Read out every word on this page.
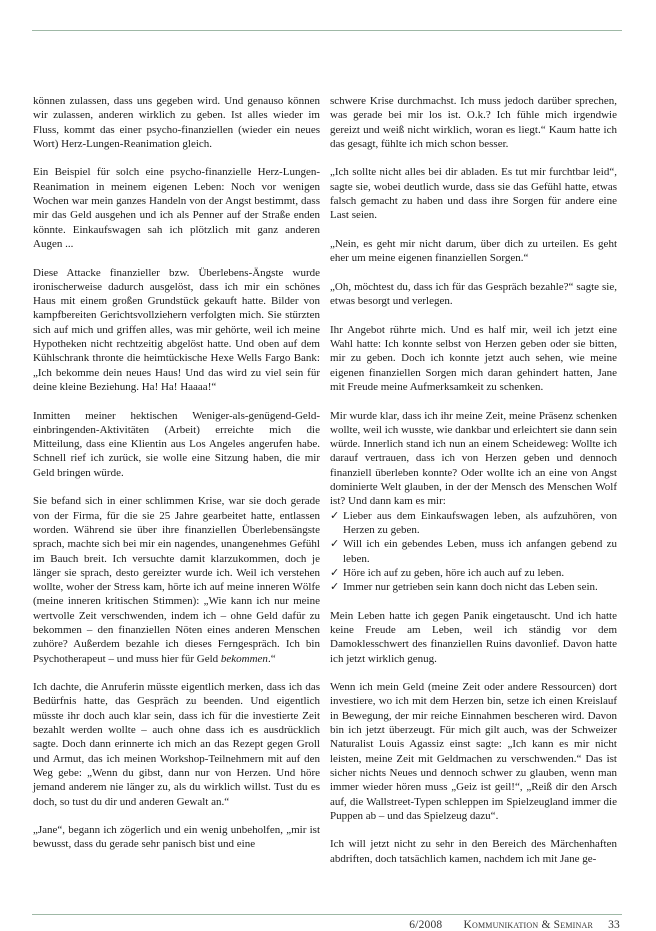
können zulassen, dass uns gegeben wird. Und genauso können wir zulassen, anderen wirklich zu geben. Ist alles wieder im Fluss, kommt das einer psycho-finanziellen (wieder ein neues Wort) Herz-Lungen-Reanimation gleich.

Ein Beispiel für solch eine psycho-finanzielle Herz-Lungen-Reanimation in meinem eigenen Leben: Noch vor wenigen Wochen war mein ganzes Handeln von der Angst bestimmt, dass mir das Geld ausgehen und ich als Penner auf der Straße enden könnte. Einkaufswagen sah ich plötzlich mit ganz anderen Augen ...

Diese Attacke finanzieller bzw. Überlebens-Ängste wurde ironischerweise dadurch ausgelöst, dass ich mir ein schönes Haus mit einem großen Grundstück gekauft hatte. Bilder von kampfbereiten Gerichtsvollziehern verfolgten mich. Sie stürzten sich auf mich und griffen alles, was mir gehörte, weil ich meine Hypotheken nicht rechtzeitig abgelöst hatte. Und oben auf dem Kühlschrank thronte die heimtückische Hexe Wells Fargo Bank: „Ich bekomme dein neues Haus! Und das wird zu viel sein für deine kleine Beziehung. Ha! Ha! Haaaa!“

Inmitten meiner hektischen Weniger-als-genügend-Geld-einbringenden-Aktivitäten (Arbeit) erreichte mich die Mitteilung, dass eine Klientin aus Los Angeles angerufen habe. Schnell rief ich zurück, sie wolle eine Sitzung haben, die mir Geld bringen würde.

Sie befand sich in einer schlimmen Krise, war sie doch gerade von der Firma, für die sie 25 Jahre gearbeitet hatte, entlassen worden. Während sie über ihre finanziellen Überlebensängste sprach, machte sich bei mir ein nagendes, unangenehmes Gefühl im Bauch breit. Ich versuchte damit klarzukommen, doch je länger sie sprach, desto gereizter wurde ich. Weil ich verstehen wollte, woher der Stress kam, hörte ich auf meine inneren Wölfe (meine inneren kritischen Stimmen): „Wie kann ich nur meine wertvolle Zeit verschwenden, indem ich – ohne Geld dafür zu bekommen – den finanziellen Nöten eines anderen Menschen zuhöre? Außerdem bezahle ich dieses Ferngespräch. Ich bin Psychotherapeut – und muss hier für Geld bekommen.“

Ich dachte, die Anruferin müsste eigentlich merken, dass ich das Bedürfnis hatte, das Gespräch zu beenden. Und eigentlich müsste ihr doch auch klar sein, dass ich für die investierte Zeit bezahlt werden wollte – auch ohne dass ich es ausdrücklich sagte. Doch dann erinnerte ich mich an das Rezept gegen Groll und Armut, das ich meinen Workshop-Teilnehmern mit auf den Weg gebe: „Wenn du gibst, dann nur von Herzen. Und höre jemand anderem nie länger zu, als du wirklich willst. Tust du es doch, so tust du dir und anderen Gewalt an.“

„Jane“, begann ich zögerlich und ein wenig unbeholfen, „mir ist bewusst, dass du gerade sehr panisch bist und eine

schwere Krise durchmachst. Ich muss jedoch darüber sprechen, was gerade bei mir los ist. O.k.? Ich fühle mich irgendwie gereizt und weiß nicht wirklich, woran es liegt.“ Kaum hatte ich das gesagt, fühlte ich mich schon besser.

„Ich sollte nicht alles bei dir abladen. Es tut mir furchtbar leid“, sagte sie, wobei deutlich wurde, dass sie das Gefühl hatte, etwas falsch gemacht zu haben und dass ihre Sorgen für andere eine Last seien.

„Nein, es geht mir nicht darum, über dich zu urteilen. Es geht eher um meine eigenen finanziellen Sorgen.“

„Oh, möchtest du, dass ich für das Gespräch bezahle?“ sagte sie, etwas besorgt und verlegen.

Ihr Angebot rührte mich. Und es half mir, weil ich jetzt eine Wahl hatte: Ich konnte selbst von Herzen geben oder sie bitten, mir zu geben. Doch ich konnte jetzt auch sehen, wie meine eigenen finanziellen Sorgen mich daran gehindert hatten, Jane mit Freude meine Aufmerksamkeit zu schenken.

Mir wurde klar, dass ich ihr meine Zeit, meine Präsenz schenken wollte, weil ich wusste, wie dankbar und erleichtert sie dann sein würde. Innerlich stand ich nun an einem Scheideweg: Wollte ich darauf vertrauen, dass ich von Herzen geben und dennoch finanziell überleben konnte? Oder wollte ich an eine von Angst dominierte Welt glauben, in der der Mensch des Menschen Wolf ist? Und dann kam es mir:

✓ Lieber aus dem Einkaufswagen leben, als aufzuhören, von Herzen zu geben.
✓ Will ich ein gebendes Leben, muss ich anfangen gebend zu leben.
✓ Höre ich auf zu geben, höre ich auch auf zu leben.
✓ Immer nur getrieben sein kann doch nicht das Leben sein.

Mein Leben hatte ich gegen Panik eingetauscht. Und ich hatte keine Freude am Leben, weil ich ständig vor dem Damoklesschwert des finanziellen Ruins davonlief. Davon hatte ich jetzt wirklich genug.

Wenn ich mein Geld (meine Zeit oder andere Ressourcen) dort investiere, wo ich mit dem Herzen bin, setze ich einen Kreislauf in Bewegung, der mir reiche Einnahmen bescheren wird. Davon bin ich jetzt überzeugt. Für mich gilt auch, was der Schweizer Naturalist Louis Agassiz einst sagte: „Ich kann es mir nicht leisten, meine Zeit mit Geldmachen zu verschwenden.“ Das ist sicher nichts Neues und dennoch schwer zu glauben, wenn man immer wieder hören muss „Geiz ist geil!“, „Reiß dir den Arsch auf, die Wallstreet-Typen schleppen im Spielzeugland immer die Puppen ab – und das Spielzeug dazu“.

Ich will jetzt nicht zu sehr in den Bereich des Märchenhaften abdriften, doch tatsächlich kamen, nachdem ich mit Jane ge-

6/2008 Kommunikation & Seminar 33
